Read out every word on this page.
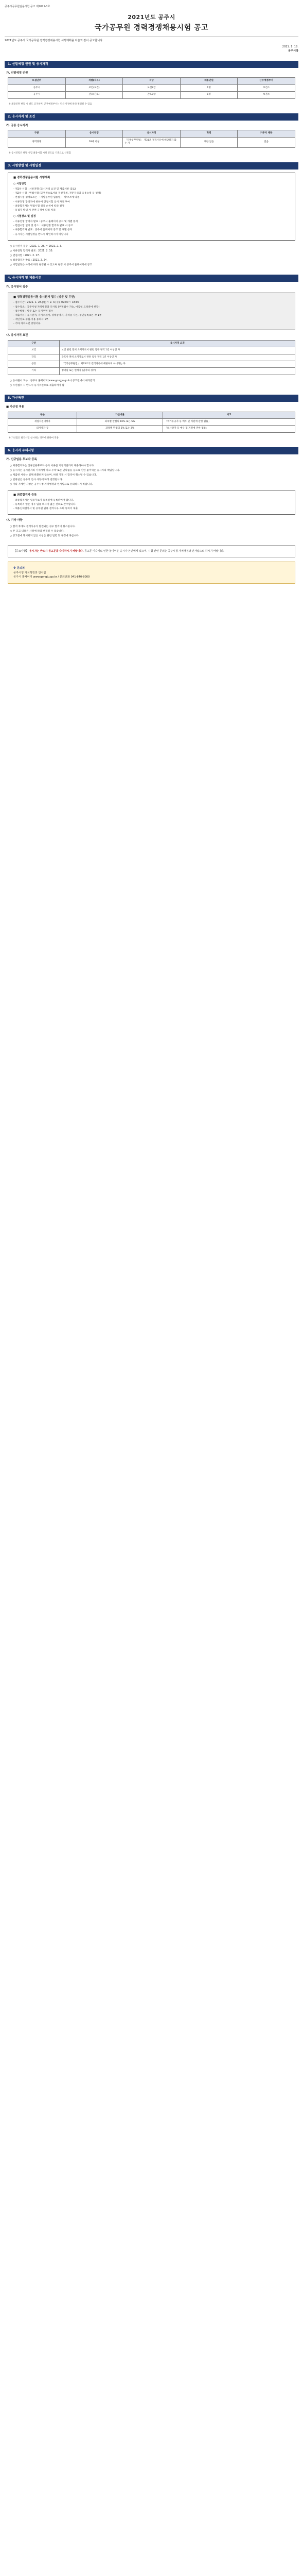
공주시공무원임용시험 공고 제2021-1호
2021년도 공주시
국가공무원 경력경쟁채용시험 공고
2021년도 공주시 국가공무원 경력경쟁채용시험 시행계획을 다음과 같이 공고합니다.
2021. 1. 18.
공주시장
1. 선발예정 인원 및 응시자격
가. 선발예정 인원
모집단위	직렬(직류)	직급	채용인원	근무예정부서
공주시	보건(보건)	보건8급	1명	보건소
공주시	간호(간호)	간호8급	1명	보건소
※ 채용인원 변동 시 별도 공지하며, 근무예정부서는 인사 사정에 따라 변경될 수 있음
2. 응시자격 및 조건
가. 공통 응시자격
구분	응시연령	응시자격	학력	거주지 제한
경력경쟁	18세 이상	「지방공무원법」 제31조 결격사유에 해당하지 않는 자	제한 없음	없음
※ 응시연령은 해당 시험 최종시험 시행 연도를 기준으로 산정함
3. 시험방법 및 시험일정
■ 경력경쟁임용시험 시행계획
○ 시험방법
- 제1차 시험 : 서류전형 (응시자격 요건 및 제출서류 검토)
- 제2차 시험 : 면접시험 (공무원으로서의 정신자세, 전문지식과 응용능력 등 평정)
- 면접시험 평정요소는 「지방공무원 임용령」 제47조에 따름
- 서류전형 합격자에 한하여 면접시험 응시 자격 부여
- 최종합격자는 면접시험 성적 순위에 따라 결정
- 동점자 발생 시 관련 규정에 따라 처리
○ 시험장소 및 일정
- 서류전형 합격자 발표 : 공주시 홈페이지 공고 및 개별 통지
- 면접시험 일시 및 장소 : 서류전형 합격자 발표 시 공고
- 최종합격자 발표 : 공주시 홈페이지 공고 및 개별 통지
- 응시자는 시험일정을 반드시 확인하시기 바랍니다
○ 응시원서 접수 : 2021. 1. 28. ~ 2021. 2. 3.
○ 서류전형 합격자 발표 : 2021. 2. 10.
○ 면접시험 : 2021. 2. 17.
○ 최종합격자 발표 : 2021. 2. 24.
○ 시험일정은 사정에 따라 변경될 수 있으며 변경 시 공주시 홈페이지에 공고
4. 응시자격 및 제출서류
가. 응시원서 접수
■ 경력경쟁임용시험 응시원서 접수 (방문 및 우편)
- 접수기간 : 2021. 1. 28.(목) ~ 2. 3.(수), 09:00 ~ 18:00
- 접수장소 : 공주시청 자치행정과 인사팀 (우편접수 가능, 마감일 도착분에 한함)
- 접수방법 : 방문 또는 등기우편 접수
- 제출서류 : 응시원서, 자기소개서, 경력증명서, 자격증 사본, 주민등록초본 각 1부
- 개인정보 수집·이용 동의서 1부
- 기타 자격요건 증빙서류
나. 응시자격 요건
구분	응시자격 요건
보건	보건 관련 면허 소지자로서 관련 업무 경력 1년 이상인 자
간호	간호사 면허 소지자로서 관련 업무 경력 1년 이상인 자
공통	「국가공무원법」 제33조의 결격사유에 해당하지 아니하는 자
기타	병역필 또는 면제자 (남자의 경우)
○ 응시원서 교부 : 공주시 홈페이지(www.gongju.go.kr) 공고란에서 내려받기
○ 우편접수 시 반드시 등기우편으로 제출하여야 함
5. 가산특전
■ 가산점 적용
구분	가산비율	비고
취업지원대상자	과목별 만점의 10% 또는 5%	「국가유공자 등 예우 및 지원에 관한 법률」
의사상자 등	과목별 만점의 5% 또는 3%	「의사상자 등 예우 및 지원에 관한 법률」
※ 가산점은 필기시험 실시하는 경우에 한하여 적용
6. 응시자 유의사항
가. 신규임용 후보자 등록
○ 최종합격자는 신규임용후보자 등록 서류를 지정기일까지 제출하여야 합니다.
○ 응시자는 응시원서의 기재사항 착오·누락 또는 연락불능 등으로 인한 불이익은 응시자의 책임입니다.
○ 제출된 서류는 일체 반환하지 않으며, 허위 기재 시 합격이 취소될 수 있습니다.
○ 임용일은 공주시 인사 사정에 따라 결정됩니다.
○ 기타 자세한 사항은 공주시청 자치행정과 인사팀으로 문의하시기 바랍니다.
■ 최종합격자 등록
- 최종합격자는 임용후보자 등록일에 등록하여야 합니다.
- 등록하지 않은 경우 임용 의사가 없는 것으로 간주합니다.
- 채용신체검사서 및 공무원 임용 결격사유 조회 동의서 제출
나. 기타 사항
○ 합격 후에도 결격사유가 발견되는 경우 합격이 취소됩니다.
○ 본 공고 내용은 사정에 따라 변경될 수 있습니다.
○ 공고문에 명시되지 않은 사항은 관련 법령 및 규정에 따릅니다.
【중요사항】 응시자는 반드시 공고문을 숙지하시기 바랍니다. 공고문 미숙지로 인한 불이익은 응시자 본인에게 있으며, 시험 관련 문의는 공주시청 자치행정과 인사팀으로 하시기 바랍니다.
※ 문의처
공주시청 자치행정과 인사팀
공주시 홈페이지 www.gongju.go.kr / 문의전화 041-840-8000
